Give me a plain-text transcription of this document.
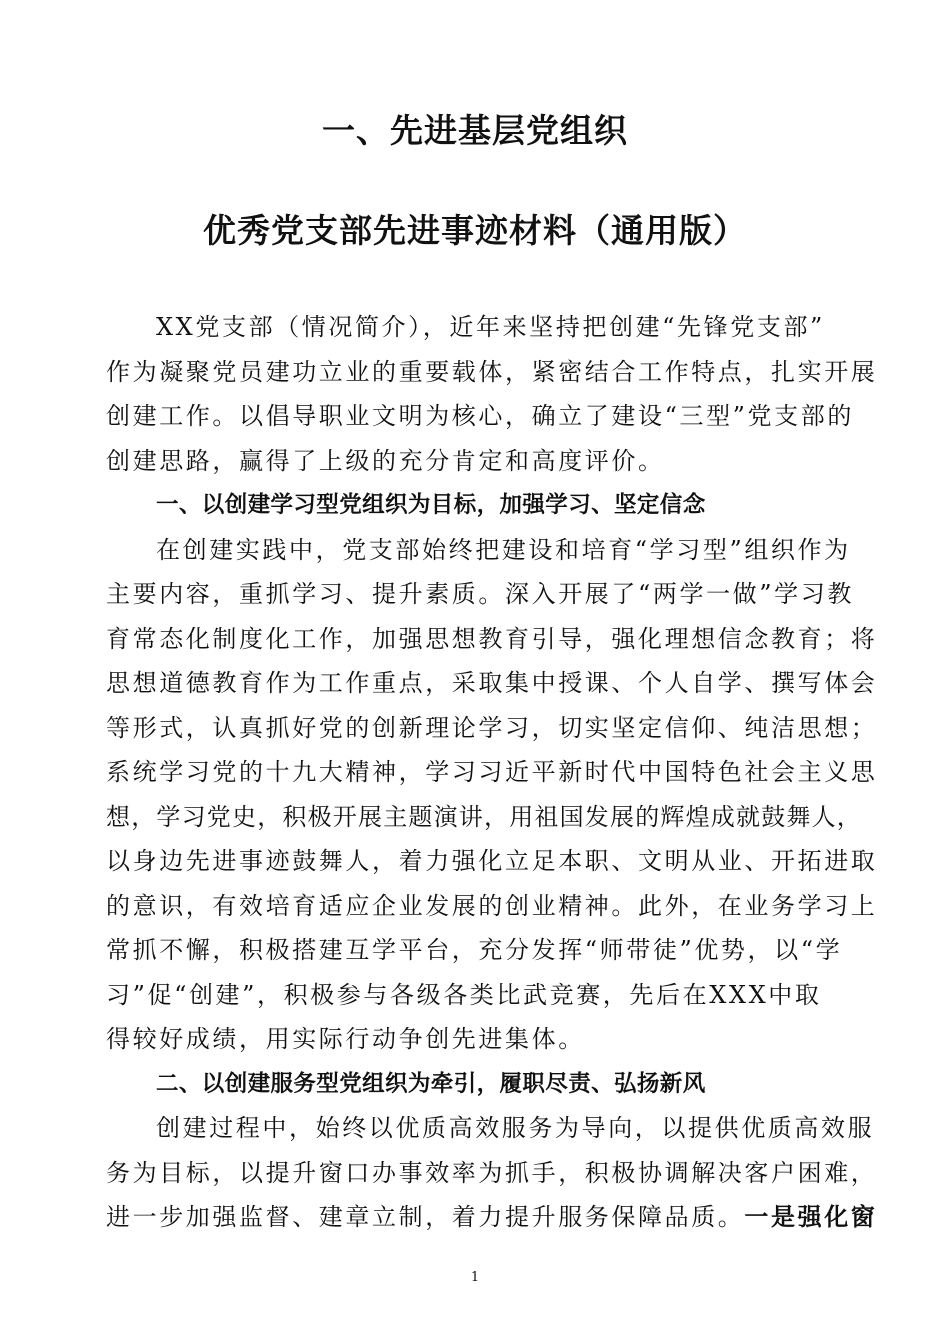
一、先进基层党组织
优秀党支部先进事迹材料（通用版）
XX党支部（情况简介），近年来坚持把创建“先锋党支部”
作为凝聚党员建功立业的重要载体，紧密结合工作特点，扎实开展
创建工作。以倡导职业文明为核心，确立了建设“三型”党支部的
创建思路，赢得了上级的充分肯定和高度评价。
一、以创建学习型党组织为目标，加强学习、坚定信念
在创建实践中，党支部始终把建设和培育“学习型”组织作为
主要内容，重抓学习、提升素质。深入开展了“两学一做”学习教
育常态化制度化工作，加强思想教育引导，强化理想信念教育；将
思想道德教育作为工作重点，采取集中授课、个人自学、撰写体会
等形式，认真抓好党的创新理论学习，切实坚定信仰、纯洁思想；
系统学习党的十九大精神，学习习近平新时代中国特色社会主义思
想，学习党史，积极开展主题演讲，用祖国发展的辉煌成就鼓舞人，
以身边先进事迹鼓舞人，着力强化立足本职、文明从业、开拓进取
的意识，有效培育适应企业发展的创业精神。此外，在业务学习上
常抓不懈，积极搭建互学平台，充分发挥“师带徒”优势，以“学
习”促“创建”，积极参与各级各类比武竞赛，先后在XXX中取
得较好成绩，用实际行动争创先进集体。
二、以创建服务型党组织为牵引，履职尽责、弘扬新风
创建过程中，始终以优质高效服务为导向，以提供优质高效服
务为目标，以提升窗口办事效率为抓手，积极协调解决客户困难，
进一步加强监督、建章立制，着力提升服务保障品质。一是强化窗
1
